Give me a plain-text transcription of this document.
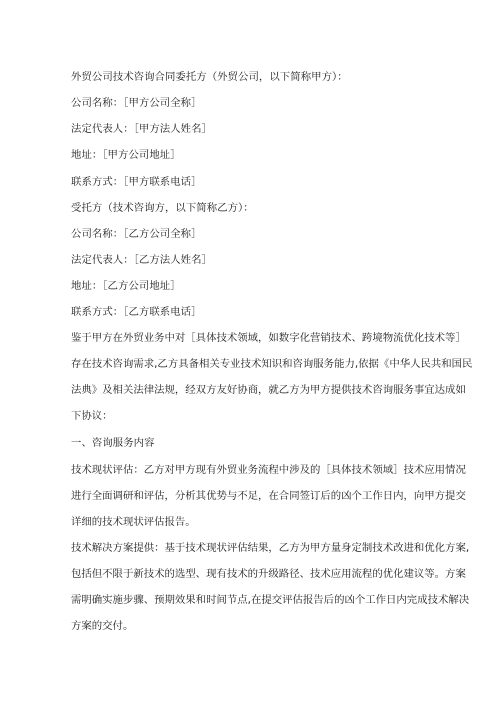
外贸公司技术咨询合同委托方（外贸公司，以下简称甲方）：
公司名称：［甲方公司全称］
法定代表人：［甲方法人姓名］
地址：［甲方公司地址］
联系方式：［甲方联系电话］
受托方（技术咨询方，以下简称乙方）：
公司名称：［乙方公司全称］
法定代表人：［乙方法人姓名］
地址：［乙方公司地址］
联系方式：［乙方联系电话］
鉴于甲方在外贸业务中对［具体技术领域，如数字化营销技术、跨境物流优化技术等］
存在技术咨询需求,乙方具备相关专业技术知识和咨询服务能力,依据《中华人民共和国民
法典》及相关法律法规，经双方友好协商，就乙方为甲方提供技术咨询服务事宜达成如
下协议：
一、咨询服务内容
技术现状评估：乙方对甲方现有外贸业务流程中涉及的［具体技术领域］技术应用情况
进行全面调研和评估，分析其优势与不足，在合同签订后的凶个工作日内，向甲方提交
详细的技术现状评估报告。
技术解决方案提供：基于技术现状评估结果，乙方为甲方量身定制技术改进和优化方案,
包括但不限于新技术的选型、现有技术的升级路径、技术应用流程的优化建议等。方案
需明确实施步骤、预期效果和时间节点,在提交评估报告后的凶个工作日内完成技术解决
方案的交付。
